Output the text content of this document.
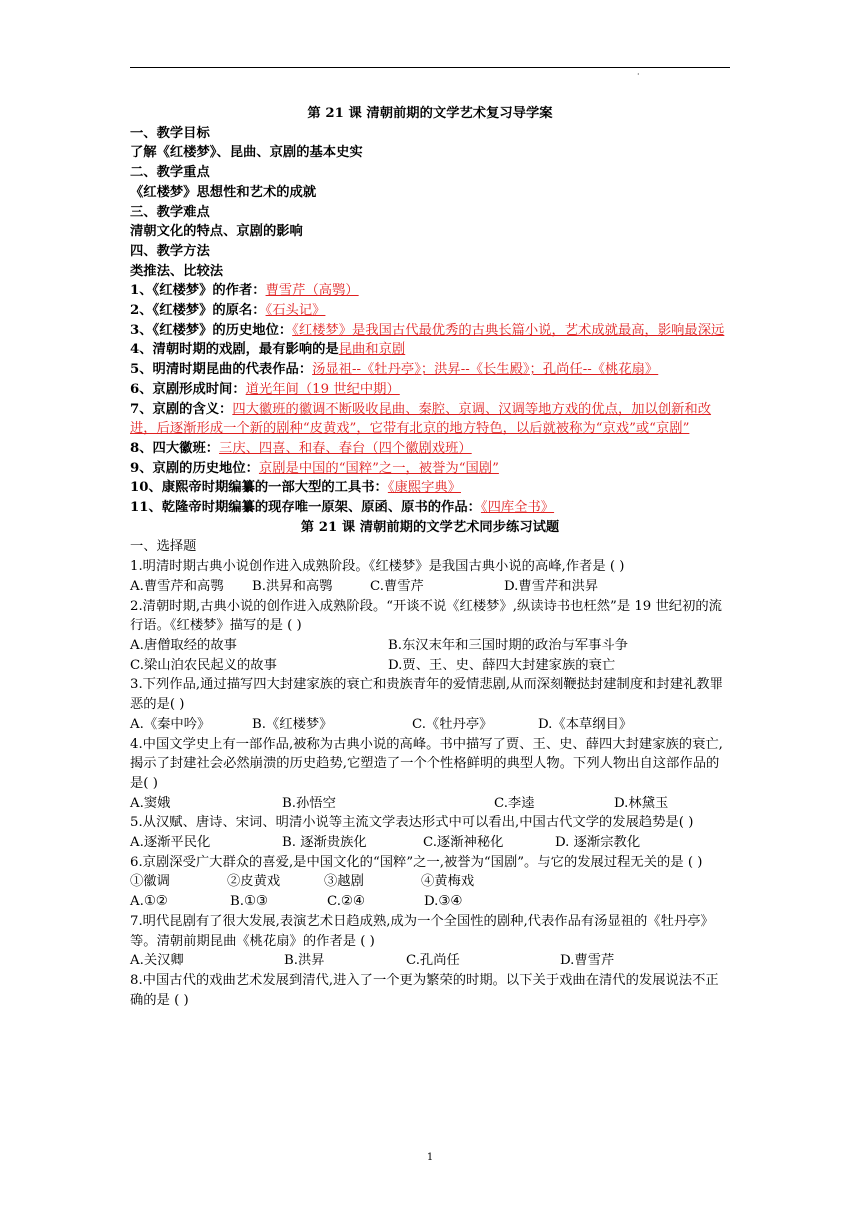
·

第 21 课 清朝前期的文学艺术复习导学案

一、教学目标

了解《红楼梦》、昆曲、京剧的基本史实

二、教学重点

《红楼梦》思想性和艺术的成就

三、教学难点

清朝文化的特点、京剧的影响

四、教学方法

类推法、比较法

1、《红楼梦》的作者：曹雪芹（高鹗）

2、《红楼梦》的原名：《石头记》

3、《红楼梦》的历史地位：《红楼梦》是我国古代最优秀的古典长篇小说，艺术成就最高，影响最深远

4、清朝时期的戏剧，最有影响的是昆曲和京剧

5、明清时期昆曲的代表作品：汤显祖--《牡丹亭》；洪昇--《长生殿》；孔尚任--《桃花扇》

6、京剧形成时间：道光年间（19 世纪中期）

7、京剧的含义：四大徽班的徽调不断吸收昆曲、秦腔、京调、汉调等地方戏的优点，加以创新和改进，后逐渐形成一个新的剧种“皮黄戏”，它带有北京的地方特色，以后就被称为“京戏”或“京剧”

8、四大徽班：三庆、四喜、和春、春台（四个徽剧戏班）

9、京剧的历史地位：京剧是中国的“国粹”之一，被誉为“国剧”

10、康熙帝时期编纂的一部大型的工具书：《康熙字典》

11、乾隆帝时期编纂的现存唯一原架、原函、原书的作品：《四库全书》

第 21 课 清朝前期的文学艺术同步练习试题

一、选择题

1.明清时期古典小说创作进入成熟阶段。《红楼梦》是我国古典小说的高峰,作者是 ( )

A.曹雪芹和高鹗	B.洪昇和高鹗	C.曹雪芹	D.曹雪芹和洪昇

2.清朝时期,古典小说的创作进入成熟阶段。“开谈不说《红楼梦》,纵读诗书也枉然”是 19 世纪初的流行语。《红楼梦》描写的是 ( )

A.唐僧取经的故事	B.东汉末年和三国时期的政治与军事斗争
C.梁山泊农民起义的故事	D.贾、王、史、薛四大封建家族的衰亡

3.下列作品,通过描写四大封建家族的衰亡和贵族青年的爱情悲剧,从而深刻鞭挞封建制度和封建礼教罪恶的是( )

A.《秦中吟》	B.《红楼梦》	C.《牡丹亭》	D.《本草纲目》

4.中国文学史上有一部作品,被称为古典小说的高峰。书中描写了贾、王、史、薛四大封建家族的衰亡,揭示了封建社会必然崩溃的历史趋势,它塑造了一个个性格鲜明的典型人物。下列人物出自这部作品的是( )

A.窦娥	B.孙悟空	C.李逵	D.林黛玉

5.从汉赋、唐诗、宋词、明清小说等主流文学表达形式中可以看出,中国古代文学的发展趋势是( )

A.逐渐平民化	B. 逐渐贵族化	C.逐渐神秘化	D. 逐渐宗教化

6.京剧深受广大群众的喜爱,是中国文化的“国粹”之一,被誉为“国剧”。与它的发展过程无关的是 ( )

①徽调	②皮黄戏	③越剧	④黄梅戏
A.①②	B.①③	C.②④	D.③④

7.明代昆剧有了很大发展,表演艺术日趋成熟,成为一个全国性的剧种,代表作品有汤显祖的《牡丹亭》等。清朝前期昆曲《桃花扇》的作者是 ( )

A.关汉卿	B.洪昇	C.孔尚任	D.曹雪芹

8.中国古代的戏曲艺术发展到清代,进入了一个更为繁荣的时期。以下关于戏曲在清代的发展说法不正确的是 ( )

1
